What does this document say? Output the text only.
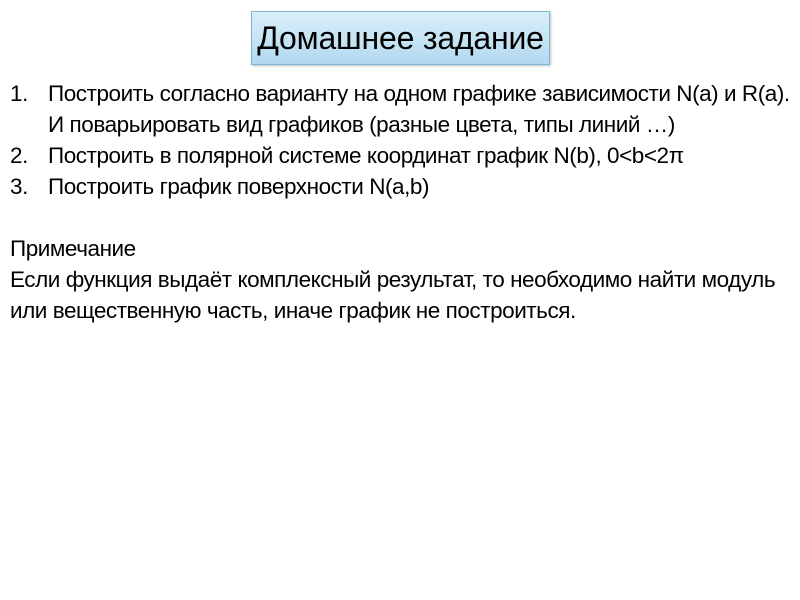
Домашнее задание
1. Построить согласно варианту на одном графике зависимости N(a) и R(a). И поварьировать вид графиков (разные цвета, типы линий …)
2. Построить в полярной системе координат график N(b), 0<b<2π
3. Построить график поверхности N(a,b)

Примечание

Если функция выдаёт комплексный результат, то необходимо найти модуль или вещественную часть, иначе график не построиться.
